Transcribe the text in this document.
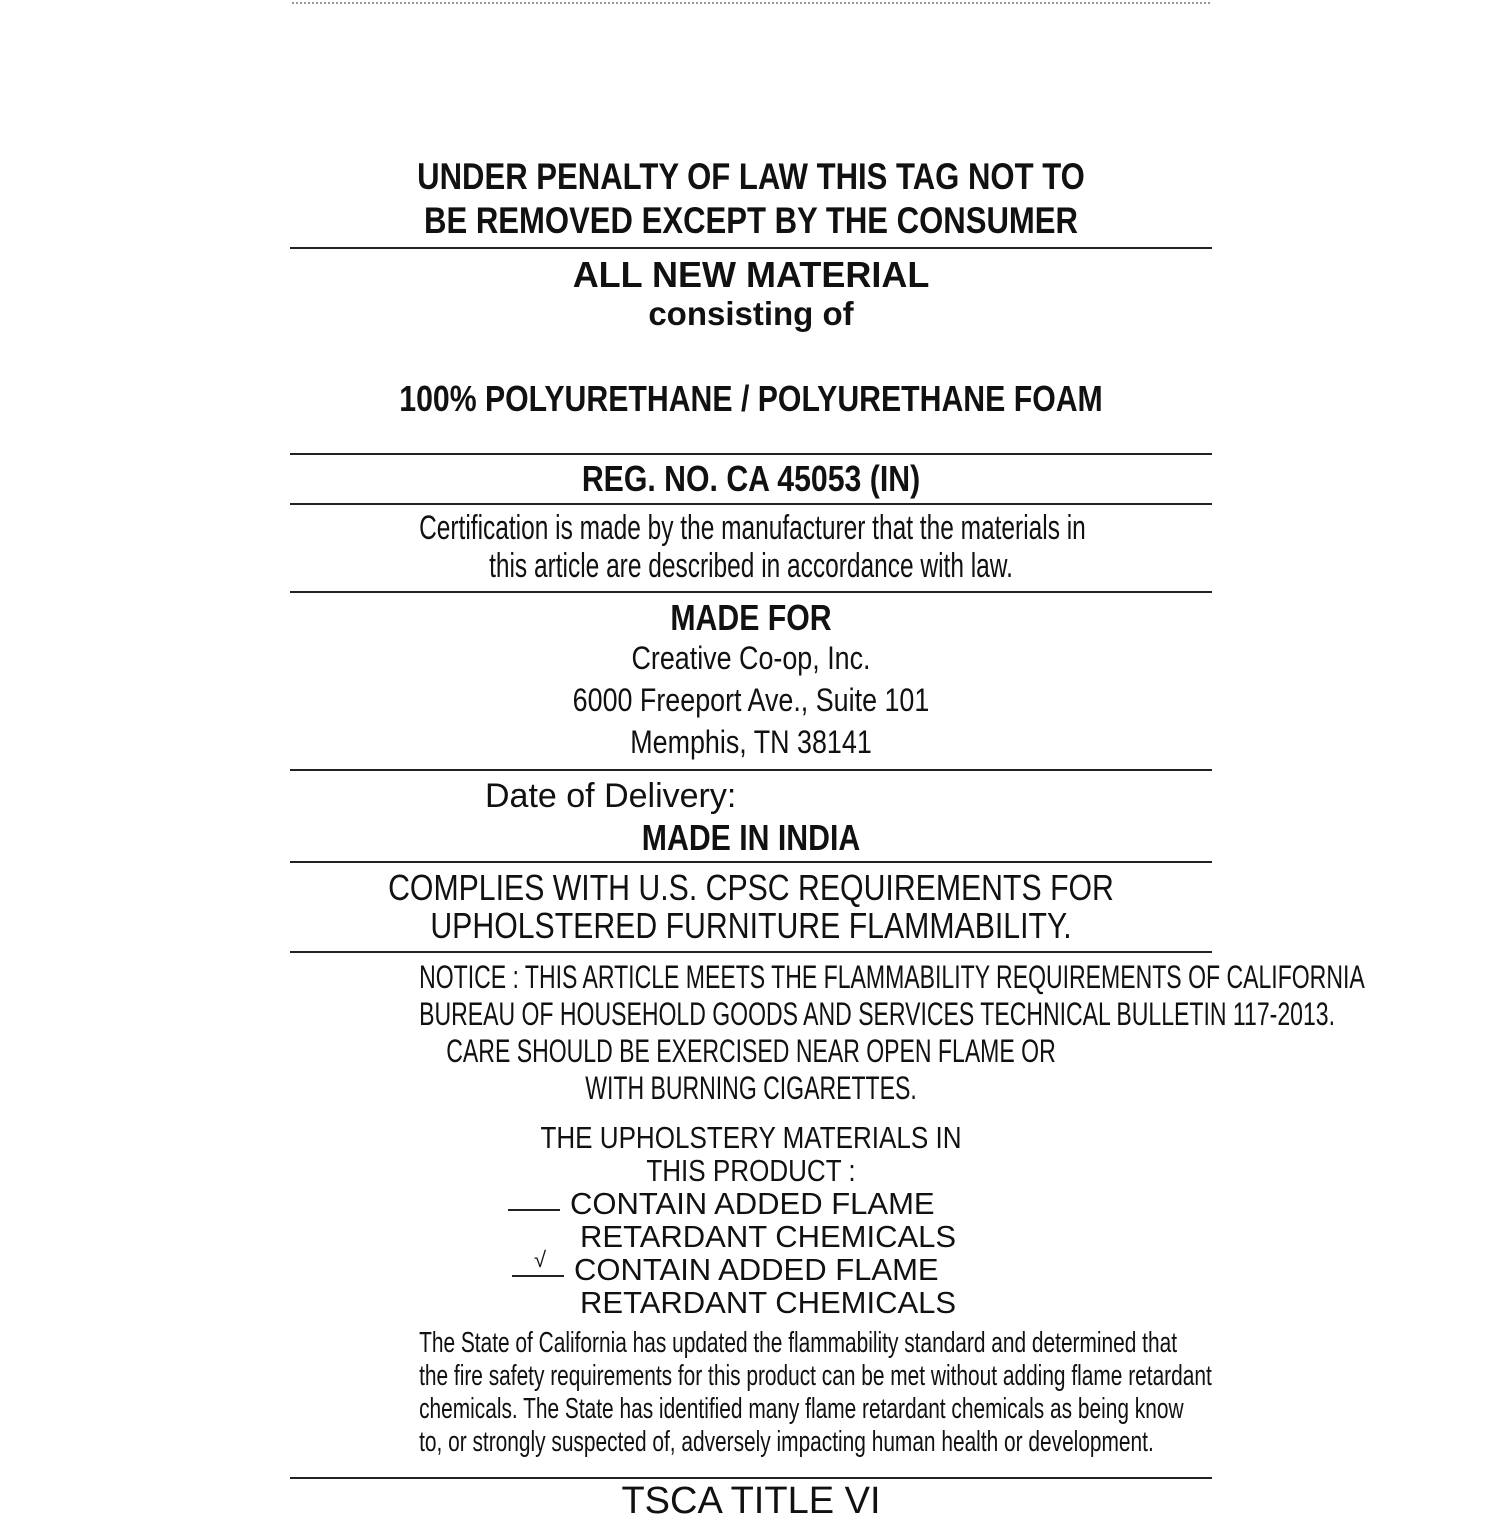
UNDER PENALTY OF LAW THIS TAG NOT TO
BE REMOVED EXCEPT BY THE CONSUMER
ALL NEW MATERIAL
consisting of
100% POLYURETHANE / POLYURETHANE FOAM
REG. NO. CA 45053 (IN)
Certification is made by the manufacturer that the materials in
this article are described in accordance with law.
MADE FOR
Creative Co-op, Inc.
6000 Freeport Ave., Suite 101
Memphis, TN 38141
Date of Delivery:
MADE IN INDIA
COMPLIES WITH U.S. CPSC REQUIREMENTS FOR
UPHOLSTERED FURNITURE FLAMMABILITY.
NOTICE : THIS ARTICLE MEETS THE FLAMMABILITY REQUIREMENTS OF CALIFORNIA
BUREAU OF HOUSEHOLD GOODS AND SERVICES TECHNICAL BULLETIN 117-2013.
CARE SHOULD BE EXERCISED NEAR OPEN FLAME OR
WITH BURNING CIGARETTES.
THE UPHOLSTERY MATERIALS IN
THIS PRODUCT :
CONTAIN ADDED FLAME
RETARDANT CHEMICALS
√ CONTAIN ADDED FLAME
RETARDANT CHEMICALS
The State of California has updated the flammability standard and determined that
the fire safety requirements for this product can be met without adding flame retardant
chemicals. The State has identified many flame retardant chemicals as being know
to, or strongly suspected of, adversely impacting human health or development.
TSCA TITLE VI
